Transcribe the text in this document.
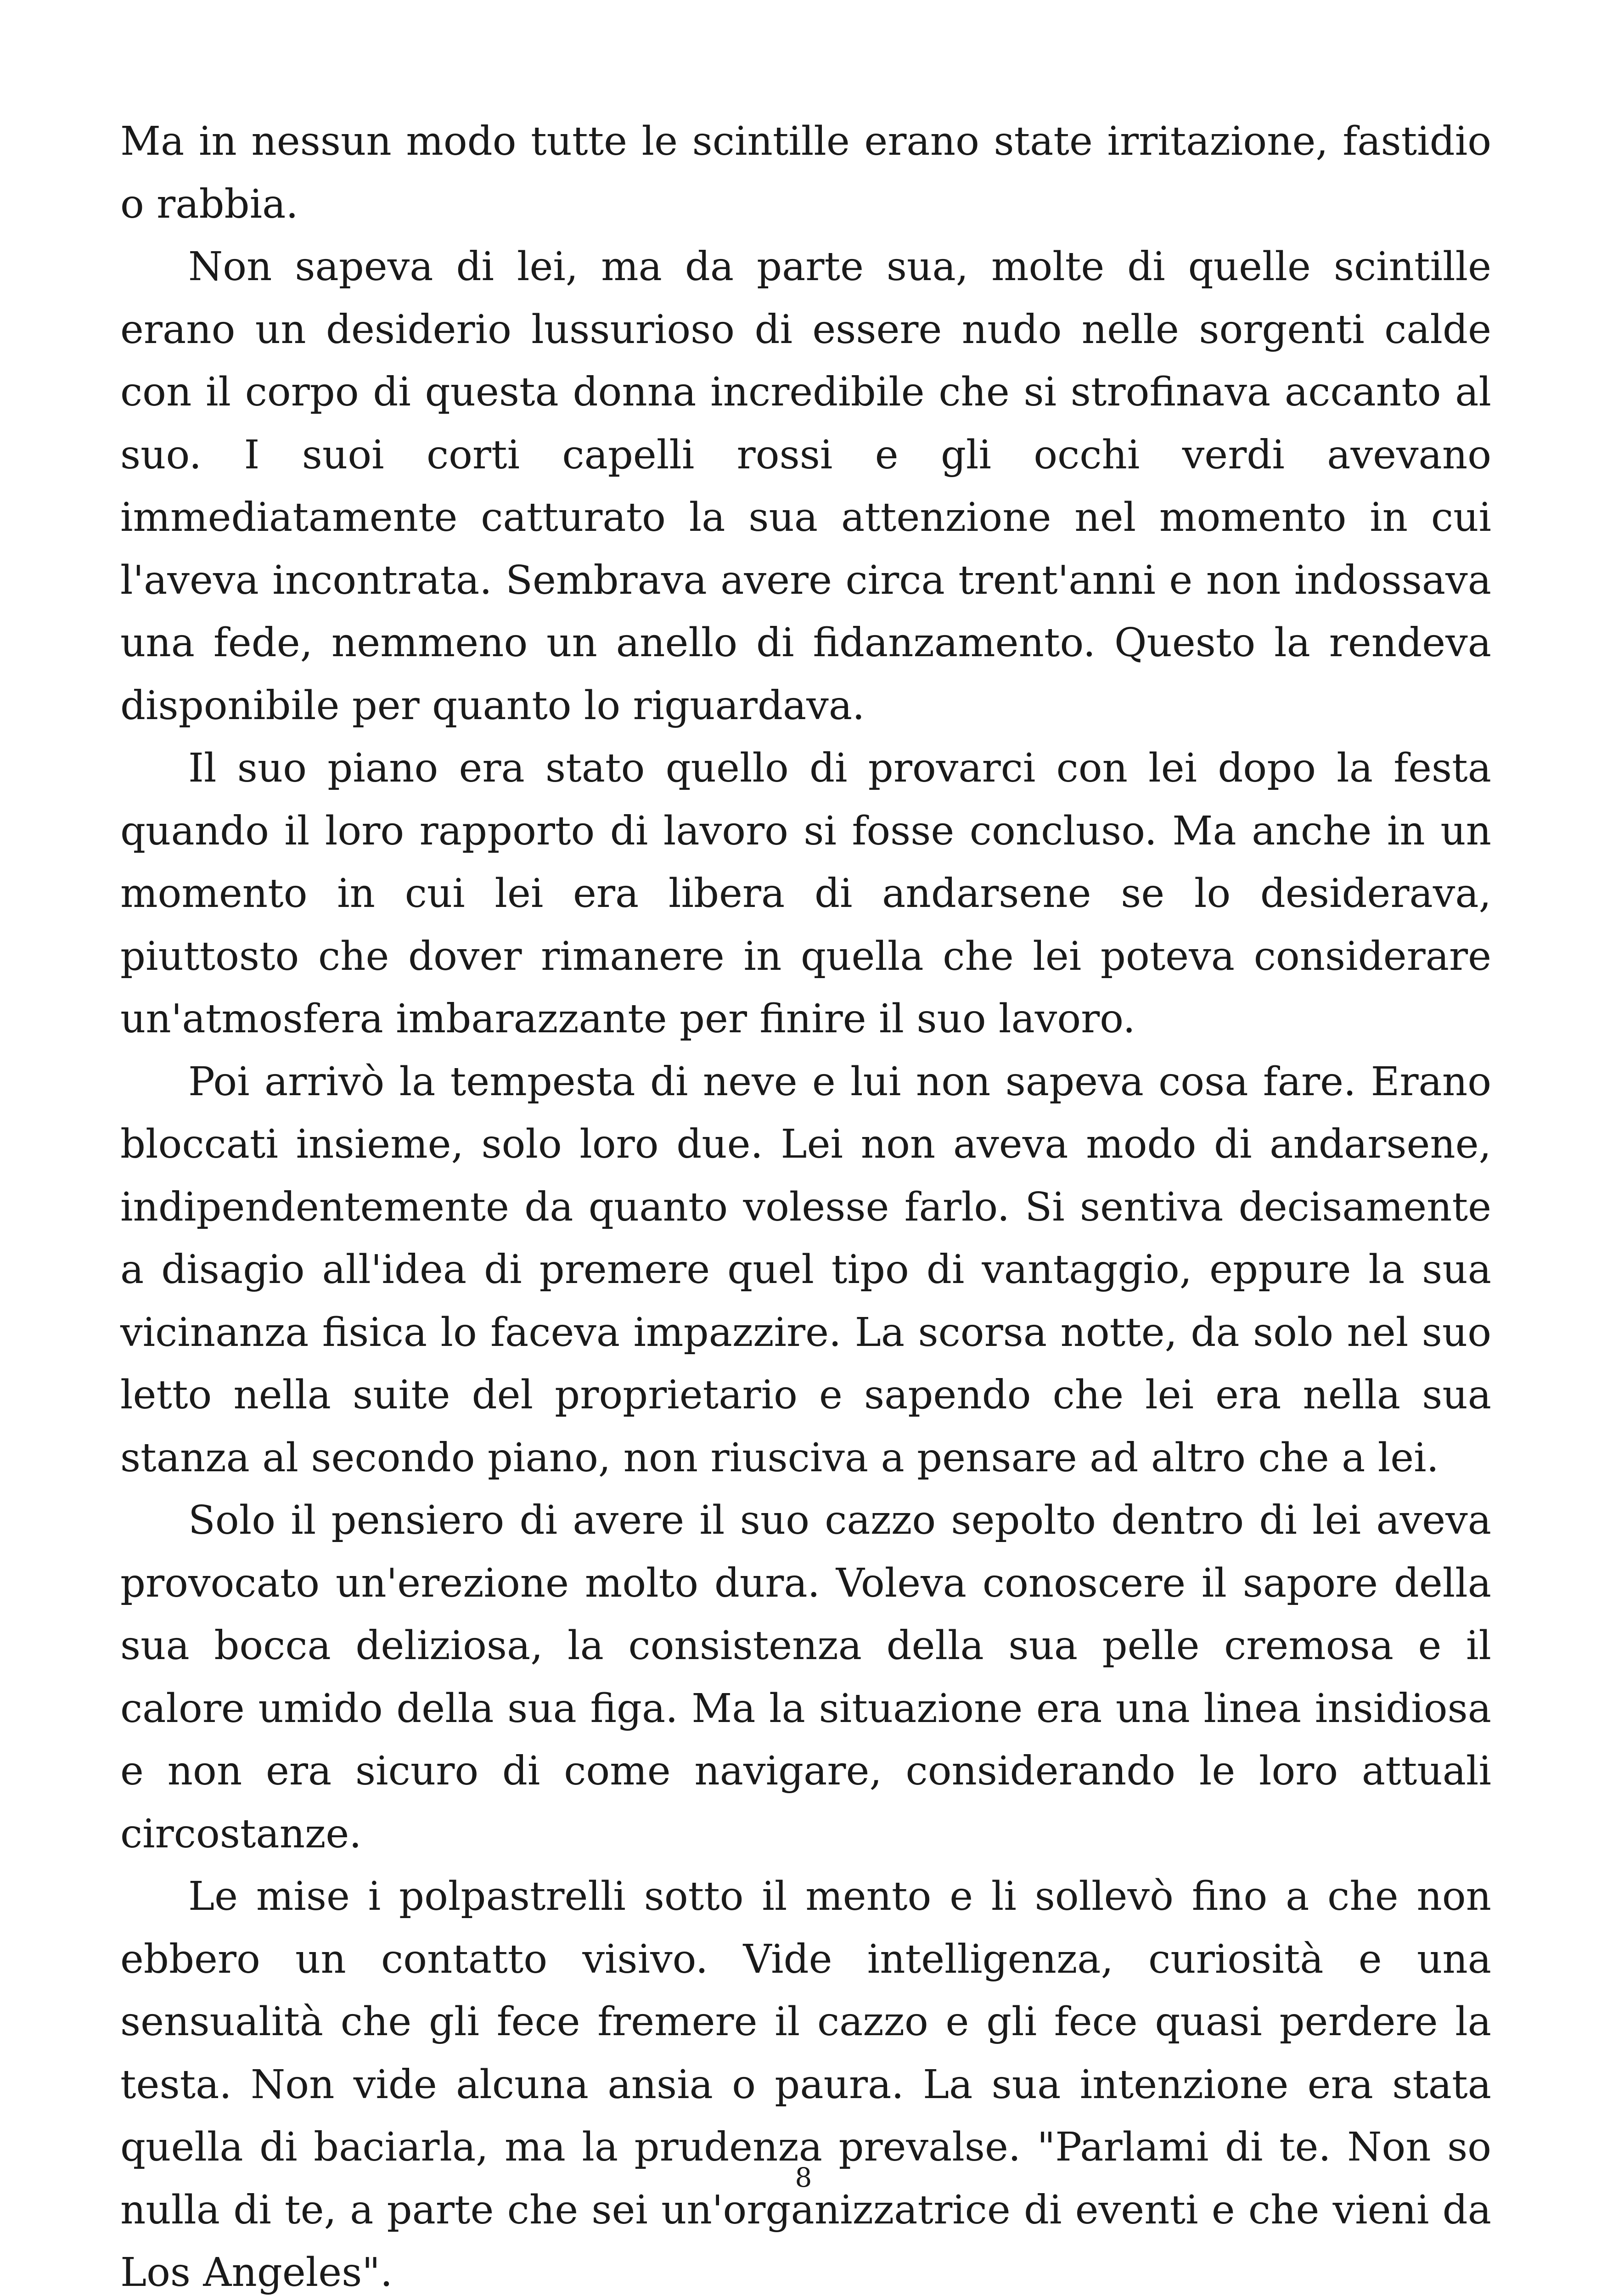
Ma in nessun modo tutte le scintille erano state irritazione, fastidio o rabbia.

Non sapeva di lei, ma da parte sua, molte di quelle scintille erano un desiderio lussurioso di essere nudo nelle sorgenti calde con il corpo di questa donna incredibile che si strofinava accanto al suo. I suoi corti capelli rossi e gli occhi verdi avevano immediatamente catturato la sua attenzione nel momento in cui l'aveva incontrata. Sembrava avere circa trent'anni e non indossava una fede, nemmeno un anello di fidanzamento. Questo la rendeva disponibile per quanto lo riguardava.

Il suo piano era stato quello di provarci con lei dopo la festa quando il loro rapporto di lavoro si fosse concluso. Ma anche in un momento in cui lei era libera di andarsene se lo desiderava, piuttosto che dover rimanere in quella che lei poteva considerare un'atmosfera imbarazzante per finire il suo lavoro.

Poi arrivò la tempesta di neve e lui non sapeva cosa fare. Erano bloccati insieme, solo loro due. Lei non aveva modo di andarsene, indipendentemente da quanto volesse farlo. Si sentiva decisamente a disagio all'idea di premere quel tipo di vantaggio, eppure la sua vicinanza fisica lo faceva impazzire. La scorsa notte, da solo nel suo letto nella suite del proprietario e sapendo che lei era nella sua stanza al secondo piano, non riusciva a pensare ad altro che a lei.

Solo il pensiero di avere il suo cazzo sepolto dentro di lei aveva provocato un'erezione molto dura. Voleva conoscere il sapore della sua bocca deliziosa, la consistenza della sua pelle cremosa e il calore umido della sua figa. Ma la situazione era una linea insidiosa e non era sicuro di come navigare, considerando le loro attuali circostanze.

Le mise i polpastrelli sotto il mento e li sollevò fino a che non ebbero un contatto visivo. Vide intelligenza, curiosità e una sensualità che gli fece fremere il cazzo e gli fece quasi perdere la testa. Non vide alcuna ansia o paura. La sua intenzione era stata quella di baciarla, ma la prudenza prevalse. "Parlami di te. Non so nulla di te, a parte che sei un'organizzatrice di eventi e che vieni da Los Angeles".

8
